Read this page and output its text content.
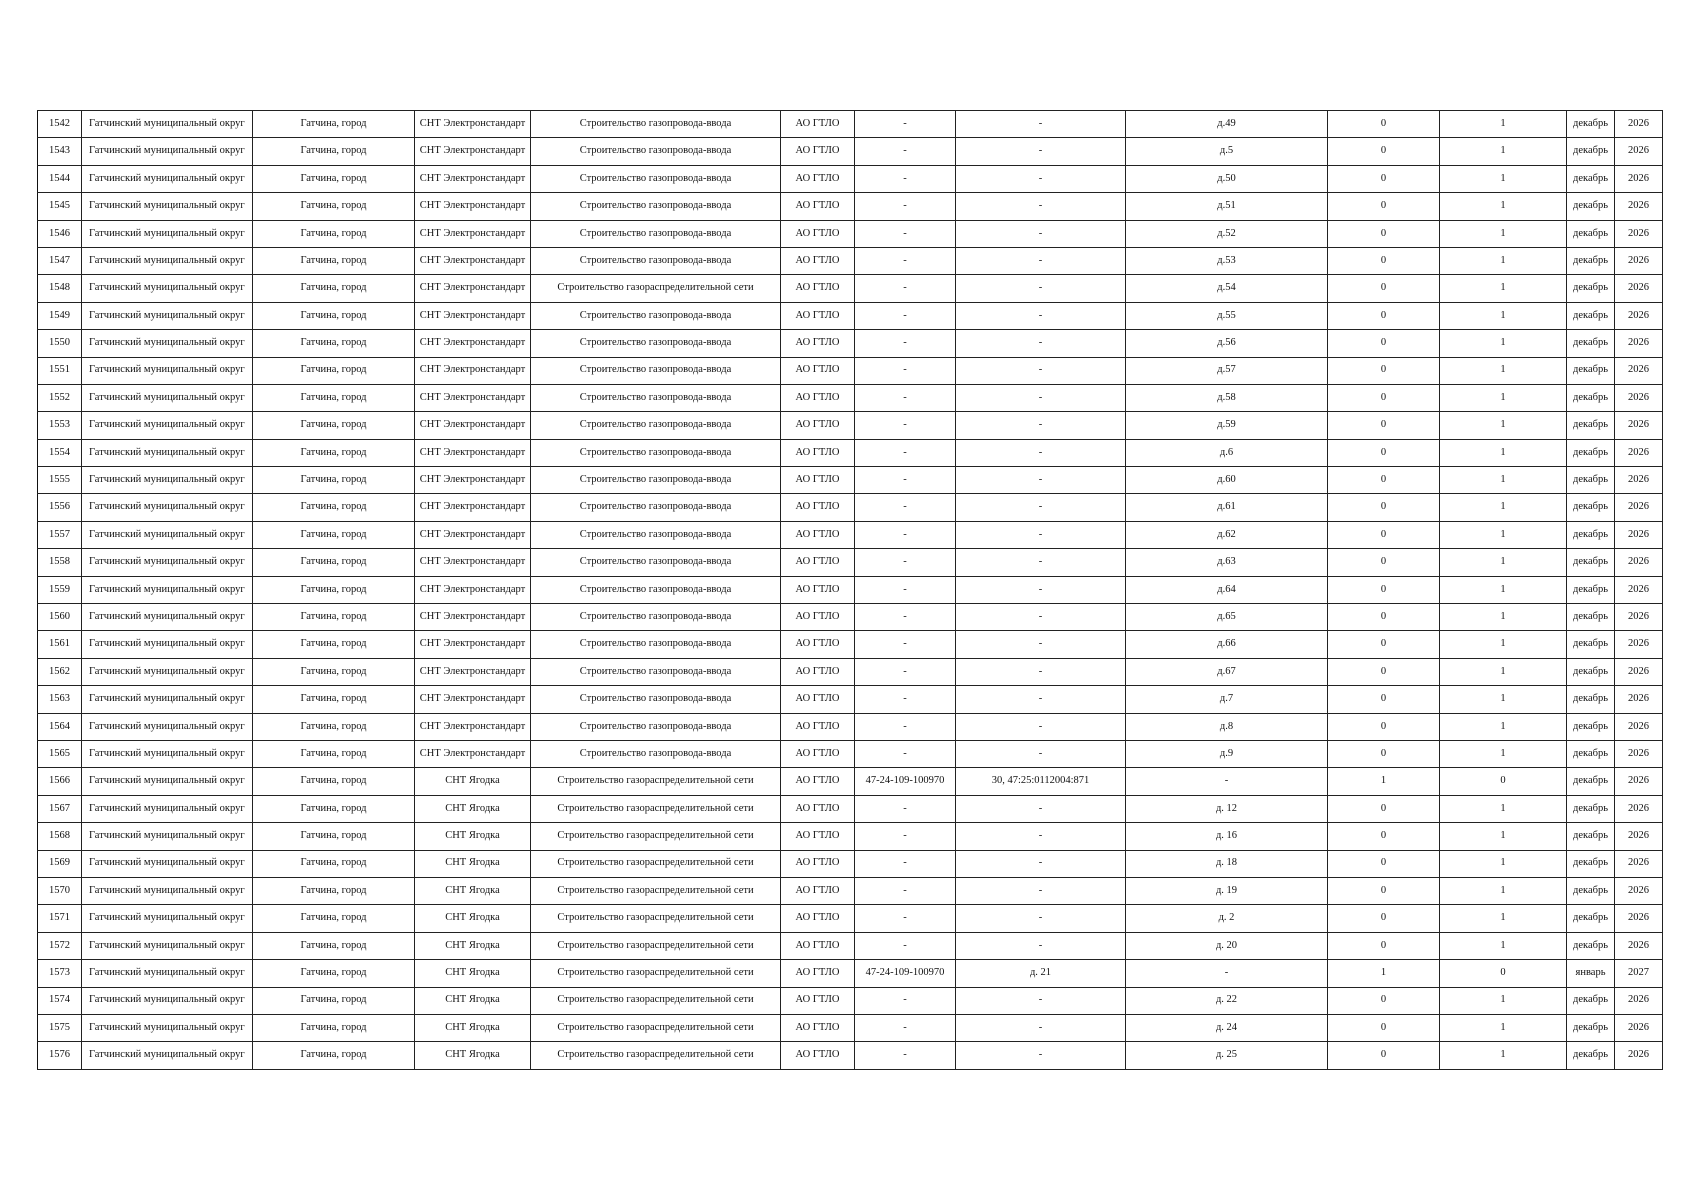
1542	Гатчинский муниципальный округ	Гатчина, город	СНТ Электронстандарт	Строительство газопровода-ввода	АО ГТЛО	-	-	д.49	0	1	декабрь	2026
1543	Гатчинский муниципальный округ	Гатчина, город	СНТ Электронстандарт	Строительство газопровода-ввода	АО ГТЛО	-	-	д.5	0	1	декабрь	2026
1544	Гатчинский муниципальный округ	Гатчина, город	СНТ Электронстандарт	Строительство газопровода-ввода	АО ГТЛО	-	-	д.50	0	1	декабрь	2026
1545	Гатчинский муниципальный округ	Гатчина, город	СНТ Электронстандарт	Строительство газопровода-ввода	АО ГТЛО	-	-	д.51	0	1	декабрь	2026
1546	Гатчинский муниципальный округ	Гатчина, город	СНТ Электронстандарт	Строительство газопровода-ввода	АО ГТЛО	-	-	д.52	0	1	декабрь	2026
1547	Гатчинский муниципальный округ	Гатчина, город	СНТ Электронстандарт	Строительство газопровода-ввода	АО ГТЛО	-	-	д.53	0	1	декабрь	2026
1548	Гатчинский муниципальный округ	Гатчина, город	СНТ Электронстандарт	Строительство газораспределительной сети	АО ГТЛО	-	-	д.54	0	1	декабрь	2026
1549	Гатчинский муниципальный округ	Гатчина, город	СНТ Электронстандарт	Строительство газопровода-ввода	АО ГТЛО	-	-	д.55	0	1	декабрь	2026
1550	Гатчинский муниципальный округ	Гатчина, город	СНТ Электронстандарт	Строительство газопровода-ввода	АО ГТЛО	-	-	д.56	0	1	декабрь	2026
1551	Гатчинский муниципальный округ	Гатчина, город	СНТ Электронстандарт	Строительство газопровода-ввода	АО ГТЛО	-	-	д.57	0	1	декабрь	2026
1552	Гатчинский муниципальный округ	Гатчина, город	СНТ Электронстандарт	Строительство газопровода-ввода	АО ГТЛО	-	-	д.58	0	1	декабрь	2026
1553	Гатчинский муниципальный округ	Гатчина, город	СНТ Электронстандарт	Строительство газопровода-ввода	АО ГТЛО	-	-	д.59	0	1	декабрь	2026
1554	Гатчинский муниципальный округ	Гатчина, город	СНТ Электронстандарт	Строительство газопровода-ввода	АО ГТЛО	-	-	д.6	0	1	декабрь	2026
1555	Гатчинский муниципальный округ	Гатчина, город	СНТ Электронстандарт	Строительство газопровода-ввода	АО ГТЛО	-	-	д.60	0	1	декабрь	2026
1556	Гатчинский муниципальный округ	Гатчина, город	СНТ Электронстандарт	Строительство газопровода-ввода	АО ГТЛО	-	-	д.61	0	1	декабрь	2026
1557	Гатчинский муниципальный округ	Гатчина, город	СНТ Электронстандарт	Строительство газопровода-ввода	АО ГТЛО	-	-	д.62	0	1	декабрь	2026
1558	Гатчинский муниципальный округ	Гатчина, город	СНТ Электронстандарт	Строительство газопровода-ввода	АО ГТЛО	-	-	д.63	0	1	декабрь	2026
1559	Гатчинский муниципальный округ	Гатчина, город	СНТ Электронстандарт	Строительство газопровода-ввода	АО ГТЛО	-	-	д.64	0	1	декабрь	2026
1560	Гатчинский муниципальный округ	Гатчина, город	СНТ Электронстандарт	Строительство газопровода-ввода	АО ГТЛО	-	-	д.65	0	1	декабрь	2026
1561	Гатчинский муниципальный округ	Гатчина, город	СНТ Электронстандарт	Строительство газопровода-ввода	АО ГТЛО	-	-	д.66	0	1	декабрь	2026
1562	Гатчинский муниципальный округ	Гатчина, город	СНТ Электронстандарт	Строительство газопровода-ввода	АО ГТЛО	-	-	д.67	0	1	декабрь	2026
1563	Гатчинский муниципальный округ	Гатчина, город	СНТ Электронстандарт	Строительство газопровода-ввода	АО ГТЛО	-	-	д.7	0	1	декабрь	2026
1564	Гатчинский муниципальный округ	Гатчина, город	СНТ Электронстандарт	Строительство газопровода-ввода	АО ГТЛО	-	-	д.8	0	1	декабрь	2026
1565	Гатчинский муниципальный округ	Гатчина, город	СНТ Электронстандарт	Строительство газопровода-ввода	АО ГТЛО	-	-	д.9	0	1	декабрь	2026
1566	Гатчинский муниципальный округ	Гатчина, город	СНТ Ягодка	Строительство газораспределительной сети	АО ГТЛО	47-24-109-100970	30, 47:25:0112004:871	-	1	0	декабрь	2026
1567	Гатчинский муниципальный округ	Гатчина, город	СНТ Ягодка	Строительство газораспределительной сети	АО ГТЛО	-	-	д. 12	0	1	декабрь	2026
1568	Гатчинский муниципальный округ	Гатчина, город	СНТ Ягодка	Строительство газораспределительной сети	АО ГТЛО	-	-	д. 16	0	1	декабрь	2026
1569	Гатчинский муниципальный округ	Гатчина, город	СНТ Ягодка	Строительство газораспределительной сети	АО ГТЛО	-	-	д. 18	0	1	декабрь	2026
1570	Гатчинский муниципальный округ	Гатчина, город	СНТ Ягодка	Строительство газораспределительной сети	АО ГТЛО	-	-	д. 19	0	1	декабрь	2026
1571	Гатчинский муниципальный округ	Гатчина, город	СНТ Ягодка	Строительство газораспределительной сети	АО ГТЛО	-	-	д. 2	0	1	декабрь	2026
1572	Гатчинский муниципальный округ	Гатчина, город	СНТ Ягодка	Строительство газораспределительной сети	АО ГТЛО	-	-	д. 20	0	1	декабрь	2026
1573	Гатчинский муниципальный округ	Гатчина, город	СНТ Ягодка	Строительство газораспределительной сети	АО ГТЛО	47-24-109-100970	д. 21	-	1	0	январь	2027
1574	Гатчинский муниципальный округ	Гатчина, город	СНТ Ягодка	Строительство газораспределительной сети	АО ГТЛО	-	-	д. 22	0	1	декабрь	2026
1575	Гатчинский муниципальный округ	Гатчина, город	СНТ Ягодка	Строительство газораспределительной сети	АО ГТЛО	-	-	д. 24	0	1	декабрь	2026
1576	Гатчинский муниципальный округ	Гатчина, город	СНТ Ягодка	Строительство газораспределительной сети	АО ГТЛО	-	-	д. 25	0	1	декабрь	2026
